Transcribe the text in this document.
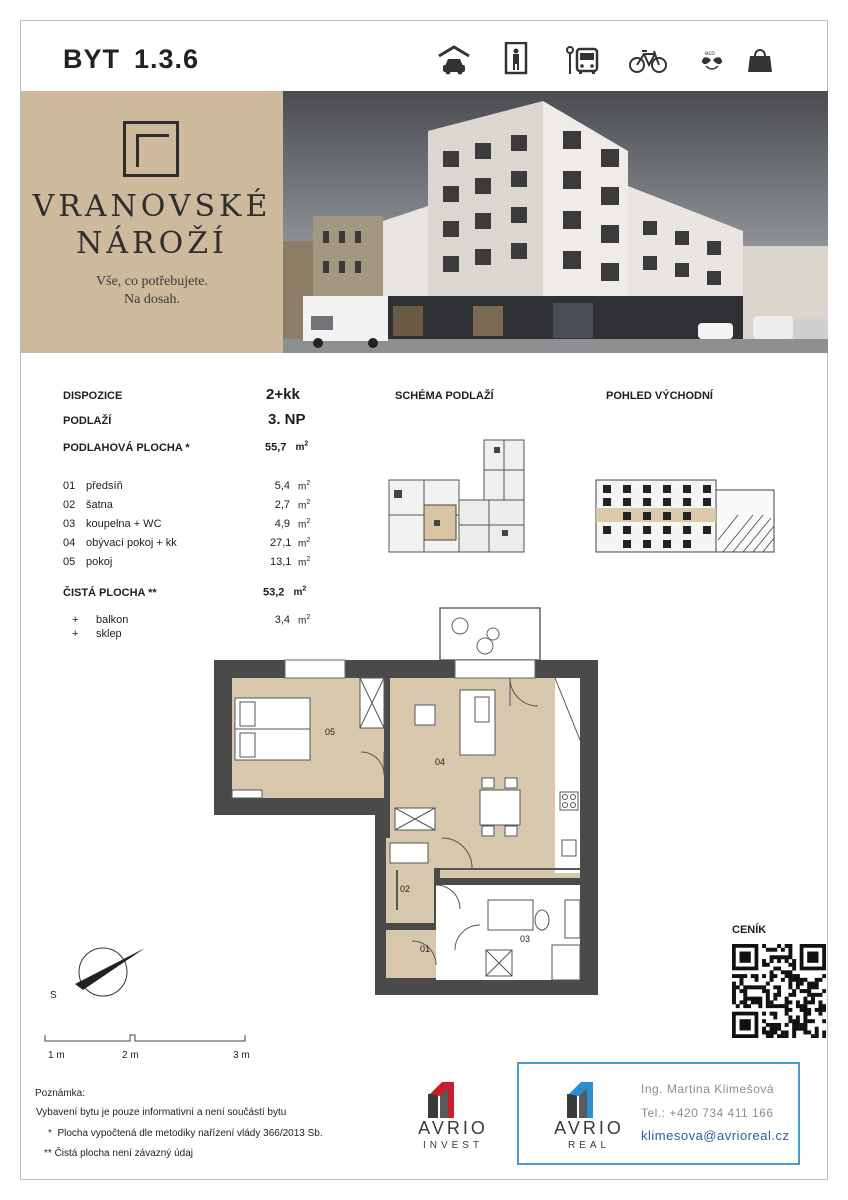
BYT 1.3.6	eco
VRANOVSKÉ
NÁROŽÍ
Vše, co potřebujete.
Na dosah.
DISPOZICE	2+kk
PODLAŽÍ	3. NP
PODLAHOVÁ PLOCHA *	55,7 $m^2$
01 předsíň	5,4 $m^2$
02 šatna	2,7 $m^2$
03 koupelna + WC	4,9 $m^2$
04 obývací pokoj + kk	27,1 $m^2$
05 pokoj	13,1 $m^2$
ČISTÁ PLOCHA **	53,2 $m^2$
+ balkon	3,4 $m^2$
+ sklep
SCHÉMA PODLAŽÍ	POHLED VÝCHODNÍ
05
04
02
03
01
S
1 m	2 m	3 m
CENÍK
Poznámka:
Vybavení bytu je pouze informativní a není součástí bytu
* Plocha vypočtená dle metodiky nařízení vlády 366/2013 Sb.
** Čistá plocha není závazný údaj
AVRIO
INVEST
AVRIO
REAL
Ing. Martina Klimešová
Tel.: +420 734 411 166
klimesova@avrioreal.cz
